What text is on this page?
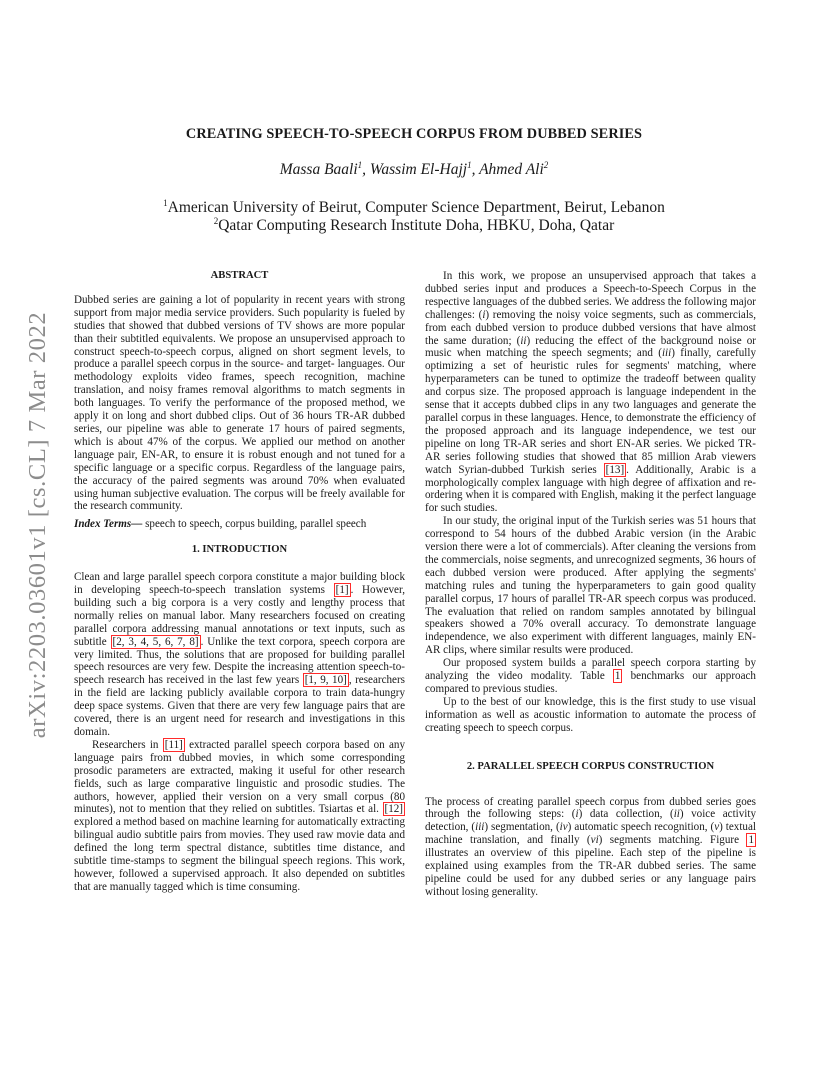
arXiv:2203.03601v1 [cs.CL] 7 Mar 2022
CREATING SPEECH-TO-SPEECH CORPUS FROM DUBBED SERIES
Massa Baali$^1$, Wassim El-Hajj$^1$, Ahmed Ali$^2$
$^1$American University of Beirut, Computer Science Department, Beirut, Lebanon
$^2$Qatar Computing Research Institute Doha, HBKU, Doha, Qatar
ABSTRACT

Dubbed series are gaining a lot of popularity in recent years with strong support from major media service providers. Such popularity is fueled by studies that showed that dubbed versions of TV shows are more popular than their subtitled equivalents. We propose an unsupervised approach to construct speech-to-speech corpus, aligned on short segment levels, to produce a parallel speech corpus in the source- and target- languages. Our methodology exploits video frames, speech recognition, machine translation, and noisy frames removal algorithms to match segments in both languages. To verify the performance of the proposed method, we apply it on long and short dubbed clips. Out of 36 hours TR-AR dubbed series, our pipeline was able to generate 17 hours of paired segments, which is about 47% of the corpus. We applied our method on another language pair, EN-AR, to ensure it is robust enough and not tuned for a specific language or a specific corpus. Regardless of the language pairs, the accuracy of the paired segments was around 70% when evaluated using human subjective evaluation. The corpus will be freely available for the research community.

Index Terms— speech to speech, corpus building, parallel speech

1. INTRODUCTION

Clean and large parallel speech corpora constitute a major building block in developing speech-to-speech translation systems [1] . However, building such a big corpora is a very costly and lengthy process that normally relies on manual labor. Many researchers focused on creating parallel corpora addressing manual annotations or text inputs, such as subtitle [2, 3, 4, 5, 6, 7, 8] . Unlike the text corpora, speech corpora are very limited. Thus, the solutions that are proposed for building parallel speech resources are very few. Despite the increasing attention speech-to-speech research has received in the last few years [1, 9, 10] , researchers in the field are lacking publicly available corpora to train data-hungry deep space systems. Given that there are very few language pairs that are covered, there is an urgent need for research and investigations in this domain.

Researchers in [11] extracted parallel speech corpora based on any language pairs from dubbed movies, in which some corresponding prosodic parameters are extracted, making it useful for other research fields, such as large comparative linguistic and prosodic studies. The authors, however, applied their version on a very small corpus (80 minutes), not to mention that they relied on subtitles. Tsiartas et al. [12] explored a method based on machine learning for automatically extracting bilingual audio subtitle pairs from movies. They used raw movie data and defined the long term spectral distance, subtitles time distance, and subtitle time-stamps to segment the bilingual speech regions. This work, however, followed a supervised approach. It also depended on subtitles that are manually tagged which is time consuming.

In this work, we propose an unsupervised approach that takes a dubbed series input and produces a Speech-to-Speech Corpus in the respective languages of the dubbed series. We address the following major challenges: (i) removing the noisy voice segments, such as commercials, from each dubbed version to produce dubbed versions that have almost the same duration; (ii) reducing the effect of the background noise or music when matching the speech segments; and (iii) finally, carefully optimizing a set of heuristic rules for segments' matching, where hyperparameters can be tuned to optimize the tradeoff between quality and corpus size. The proposed approach is language independent in the sense that it accepts dubbed clips in any two languages and generate the parallel corpus in these languages. Hence, to demonstrate the efficiency of the proposed approach and its language independence, we test our pipeline on long TR-AR series and short EN-AR series. We picked TR-AR series following studies that showed that 85 million Arab viewers watch Syrian-dubbed Turkish series [13] . Additionally, Arabic is a morphologically complex language with high degree of affixation and re-ordering when it is compared with English, making it the perfect language for such studies.

In our study, the original input of the Turkish series was 51 hours that correspond to 54 hours of the dubbed Arabic version (in the Arabic version there were a lot of commercials). After cleaning the versions from the commercials, noise segments, and unrecognized segments, 36 hours of each dubbed version were produced. After applying the segments' matching rules and tuning the hyperparameters to gain good quality parallel corpus, 17 hours of parallel TR-AR speech corpus was produced. The evaluation that relied on random samples annotated by bilingual speakers showed a 70% overall accuracy. To demonstrate language independence, we also experiment with different languages, mainly EN-AR clips, where similar results were produced.

Our proposed system builds a parallel speech corpora starting by analyzing the video modality. Table 1 benchmarks our approach compared to previous studies.

Up to the best of our knowledge, this is the first study to use visual information as well as acoustic information to automate the process of creating speech to speech corpus.

2. PARALLEL SPEECH CORPUS CONSTRUCTION

The process of creating parallel speech corpus from dubbed series goes through the following steps: (i) data collection, (ii) voice activity detection, (iii) segmentation, (iv) automatic speech recognition, (v) textual machine translation, and finally (vi) segments matching. Figure 1 illustrates an overview of this pipeline. Each step of the pipeline is explained using examples from the TR-AR dubbed series. The same pipeline could be used for any dubbed series or any language pairs without losing generality.
